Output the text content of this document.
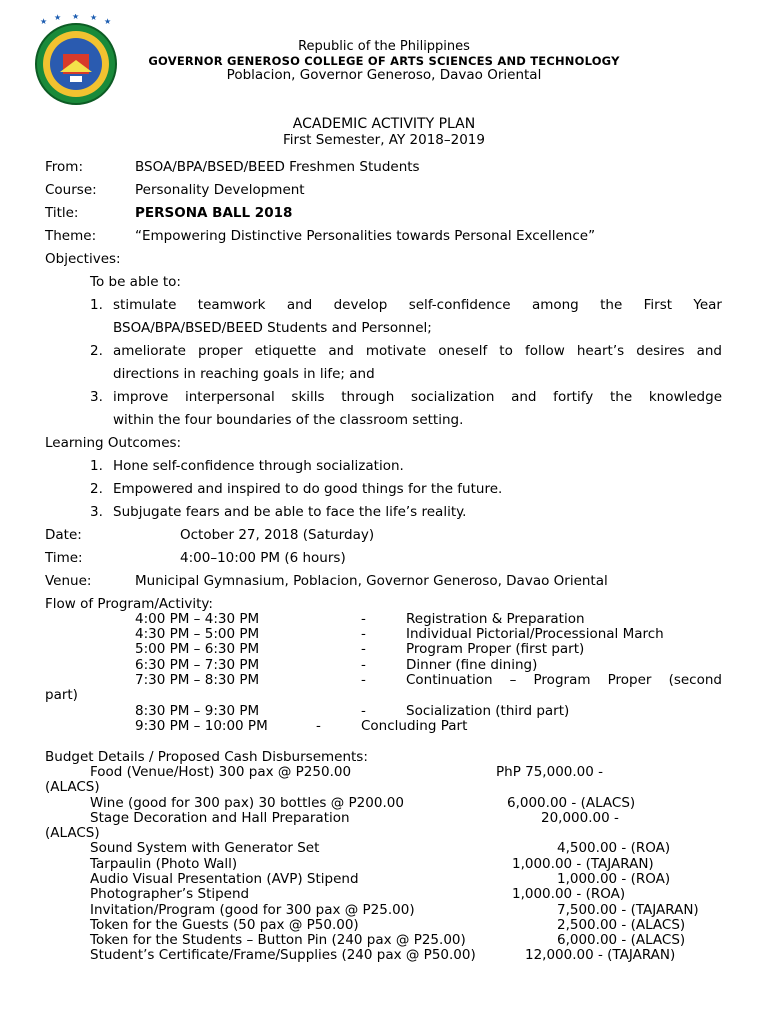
★ ★ ★ ★ ★
Republic of the Philippines
GOVERNOR GENEROSO COLLEGE OF ARTS SCIENCES AND TECHNOLOGY
Poblacion, Governor Generoso, Davao Oriental
ACADEMIC ACTIVITY PLAN
First Semester, AY 2018–2019
From:	BSOA/BPA/BSED/BEED Freshmen Students
Course:	Personality Development
Title:	PERSONA BALL 2018
Theme:	“Empowering Distinctive Personalities towards Personal Excellence”
Objectives:
To be able to:
1. stimulate teamwork and develop self-confidence among the First Year
BSOA/BPA/BSED/BEED Students and Personnel;
2. ameliorate proper etiquette and motivate oneself to follow heart’s desires and
directions in reaching goals in life; and
3. improve interpersonal skills through socialization and fortify the knowledge
within the four boundaries of the classroom setting.
Learning Outcomes:
1. Hone self-confidence through socialization.
2. Empowered and inspired to do good things for the future.
3. Subjugate fears and be able to face the life’s reality.
Date:	October 27, 2018 (Saturday)
Time:	4:00–10:00 PM (6 hours)
Venue:	Municipal Gymnasium, Poblacion, Governor Generoso, Davao Oriental
Flow of Program/Activity:
4:00 PM – 4:30 PM	-	Registration & Preparation
4:30 PM – 5:00 PM	-	Individual Pictorial/Processional March
5:00 PM – 6:30 PM	-	Program Proper (first part)
6:30 PM – 7:30 PM	-	Dinner (fine dining)
7:30 PM – 8:30 PM	-	Continuation – Program Proper (second
part)
8:30 PM – 9:30 PM	-	Socialization (third part)
9:30 PM – 10:00 PM	-	Concluding Part
Budget Details / Proposed Cash Disbursements:
Food (Venue/Host) 300 pax @ P250.00	PhP 75,000.00 -
(ALACS)
Wine (good for 300 pax) 30 bottles @ P200.00	6,000.00 - (ALACS)
Stage Decoration and Hall Preparation	20,000.00 -
(ALACS)
Sound System with Generator Set	4,500.00 - (ROA)
Tarpaulin (Photo Wall)	1,000.00 - (TAJARAN)
Audio Visual Presentation (AVP) Stipend	1,000.00 - (ROA)
Photographer’s Stipend	1,000.00 - (ROA)
Invitation/Program (good for 300 pax @ P25.00)	7,500.00 - (TAJARAN)
Token for the Guests (50 pax @ P50.00)	2,500.00 - (ALACS)
Token for the Students – Button Pin (240 pax @ P25.00)	6,000.00 - (ALACS)
Student’s Certificate/Frame/Supplies (240 pax @ P50.00)	12,000.00 - (TAJARAN)
